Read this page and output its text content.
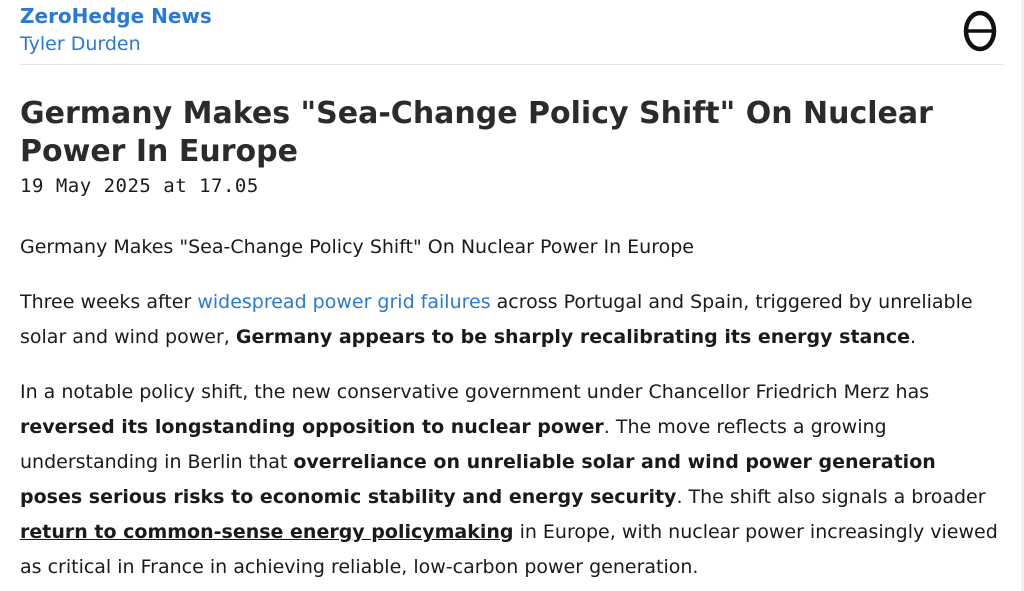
ZeroHedge News
Tyler Durden
Germany Makes "Sea-Change Policy Shift" On Nuclear Power In Europe
19 May 2025 at 17.05

Germany Makes "Sea-Change Policy Shift" On Nuclear Power In Europe

Three weeks after widespread power grid failures across Portugal and Spain, triggered by unreliable solar and wind power, Germany appears to be sharply recalibrating its energy stance.

In a notable policy shift, the new conservative government under Chancellor Friedrich Merz has reversed its longstanding opposition to nuclear power. The move reflects a growing understanding in Berlin that overreliance on unreliable solar and wind power generation poses serious risks to economic stability and energy security. The shift also signals a broader return to common-sense energy policymaking in Europe, with nuclear power increasingly viewed as critical in France in achieving reliable, low-carbon power generation.
